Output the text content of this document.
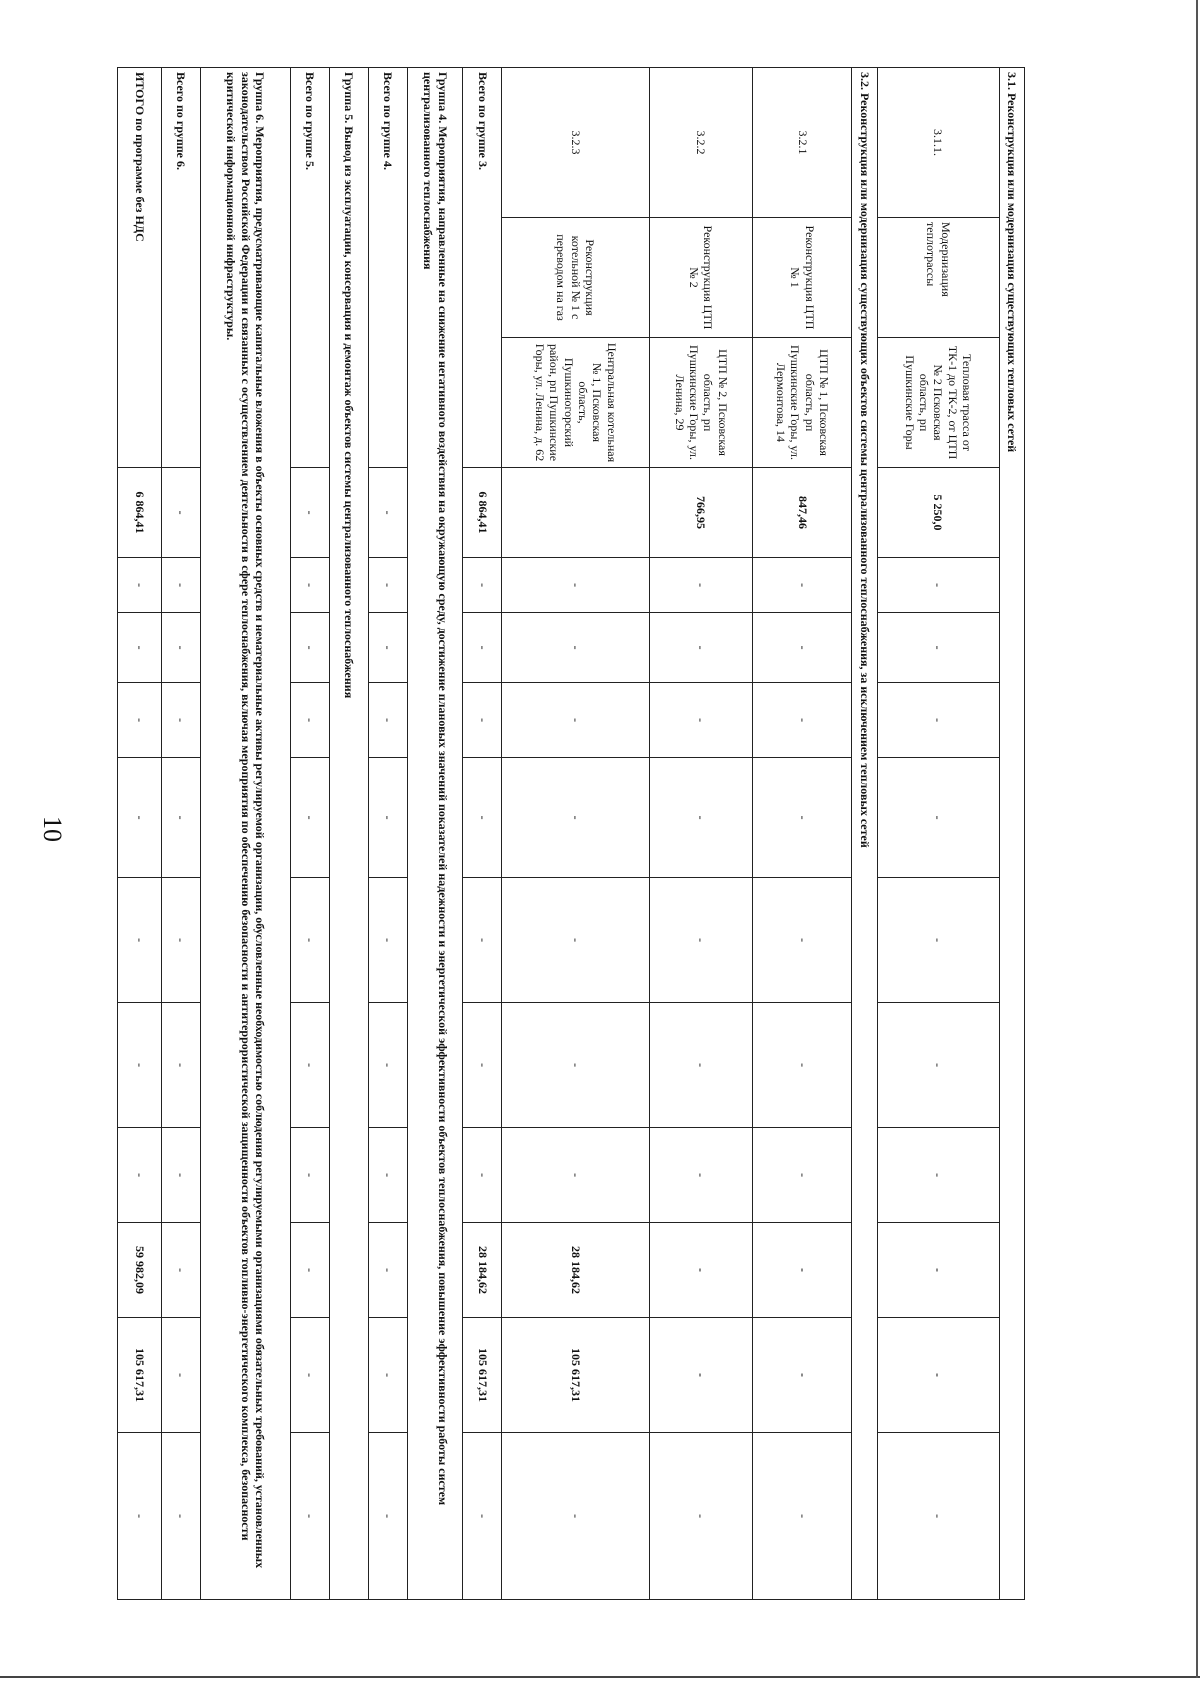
10
3.1. Реконструкция или модернизация существующих тепловых сетей													
3.1.1.	Модернизация теплотрассы	Тепловая трасса от ТК-1 до ТК-2, от ЦТП № 2 Псковская область, рп Пушкинские Горы	5 250,0	-	-	-	-	-	-	-	-	-	-
3.2. Реконструкция или модернизация существующих объектов системы централизованного теплоснабжения, за исключением тепловых сетей													
3.2.1	Реконструкция ЦТП № 1	ЦТП № 1, Псковская область, рп Пушкинские Горы, ул. Лермонтова, 14	847,46	-	-	-	-	-	-	-	-	-	-
3.2.2	Реконструкция ЦТП № 2	ЦТП № 2, Псковская область, рп Пушкинские Горы, ул. Ленина, 29	766,95	-	-	-	-	-	-	-	-	-	-
3.2.3	Реконструкция котельной № 1 с переводом на газ	Центральная котельная № 1, Псковская область, Пушкиногорский район, рп Пушкинские Горы, ул. Ленина, д. 62		-	-	-	-	-	-	-	28 184,62	105 617,31	-
Всего по группе 3.			6 864,41	-	-	-	-	-	-	-	28 184,62	105 617,31	-
Группа 4. Мероприятия, направленные на снижение негативного воздействия на окружающую среду, достижение плановых значений показателей надежности и энергетической эффективности объектов теплоснабжения, повышение эффективности работы систем централизованного теплоснабжения													
Всего по группе 4.			-	-	-	-	-	-	-	-	-	-	-
Группа 5. Вывод из эксплуатации, консервация и демонтаж объектов системы централизованного теплоснабжения													
Всего по группе 5.			-	-	-	-	-	-	-	-	-	-	-
Группа 6. Мероприятия, предусматривающие капитальные вложения в объекты основных средств и нематериальные активы регулируемой организации, обусловленные необходимостью соблюдения регулируемыми организациями обязательных требований, установленных законодательством Российской Федерации и связанных с осуществлением деятельности в сфере теплоснабжения, включая мероприятия по обеспечению безопасности и антитеррористической защищенности объектов топливно-энергетического комплекса, безопасности критической информационной инфраструктуры.													
Всего по группе 6.			-	-	-	-	-	-	-	-	-	-	-
ИТОГО по программе без НДС			6 864,41	-	-	-	-	-	-	-	59 982,09	105 617,31	-
